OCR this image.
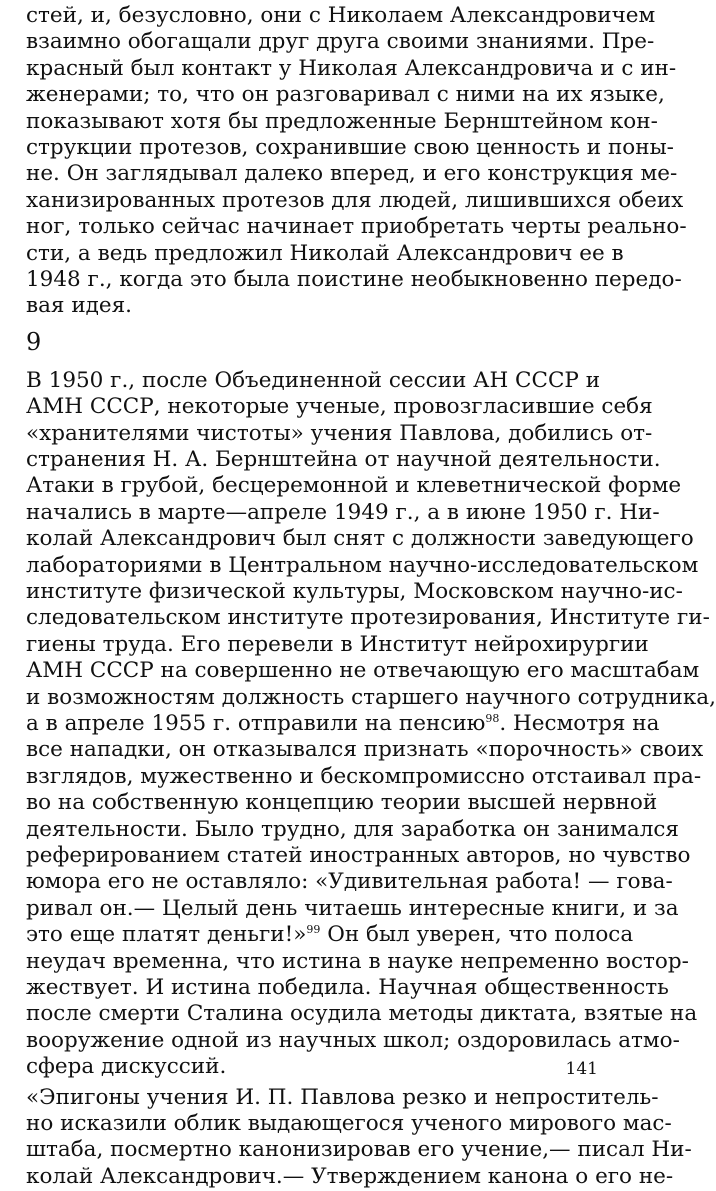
141
стей, и, безусловно, они с Николаем Александровичем
взаимно обогащали друг друга своими знаниями. Пре-
красный был контакт у Николая Александровича и с ин-
женерами; то, что он разговаривал с ними на их языке,
показывают хотя бы предложенные Бернштейном кон-
струкции протезов, сохранившие свою ценность и поны-
не. Он заглядывал далеко вперед, и его конструкция ме-
ханизированных протезов для людей, лишившихся обеих
ног, только сейчас начинает приобретать черты реально-
сти, а ведь предложил Николай Александрович ее в
1948 г., когда это была поистине необыкновенно передо-
вая идея.
9
В 1950 г., после Объединенной сессии АН СССР и
АМН СССР, некоторые ученые, провозгласившие себя
«хранителями чистоты» учения Павлова, добились от-
странения Н. А. Бернштейна от научной деятельности.
Атаки в грубой, бесцеремонной и клеветнической форме
начались в марте—апреле 1949 г., а в июне 1950 г. Ни-
колай Александрович был снят с должности заведующего
лабораториями в Центральном научно-исследовательском
институте физической культуры, Московском научно-ис-
следовательском институте протезирования, Институте ги-
гиены труда. Его перевели в Институт нейрохирургии
АМН СССР на совершенно не отвечающую его масштабам
и возможностям должность старшего научного сотрудника,
а в апреле 1955 г. отправили на пенсию$^{98}$. Несмотря на
все нападки, он отказывался признать «порочность» своих
взглядов, мужественно и бескомпромиссно отстаивал пра-
во на собственную концепцию теории высшей нервной
деятельности. Было трудно, для заработка он занимался
реферированием статей иностранных авторов, но чувство
юмора его не оставляло: «Удивительная работа! — гова-
ривал он.— Целый день читаешь интересные книги, и за
это еще платят деньги!»$^{99}$ Он был уверен, что полоса
неудач временна, что истина в науке непременно востор-
жествует. И истина победила. Научная общественность
после смерти Сталина осудила методы диктата, взятые на
вооружение одной из научных школ; оздоровилась атмо-
сфера дискуссий.
«Эпигоны учения И. П. Павлова резко и непроститель-
но исказили облик выдающегося ученого мирового мас-
штаба, посмертно канонизировав его учение,— писал Ни-
колай Александрович.— Утверждением канона о его не-
